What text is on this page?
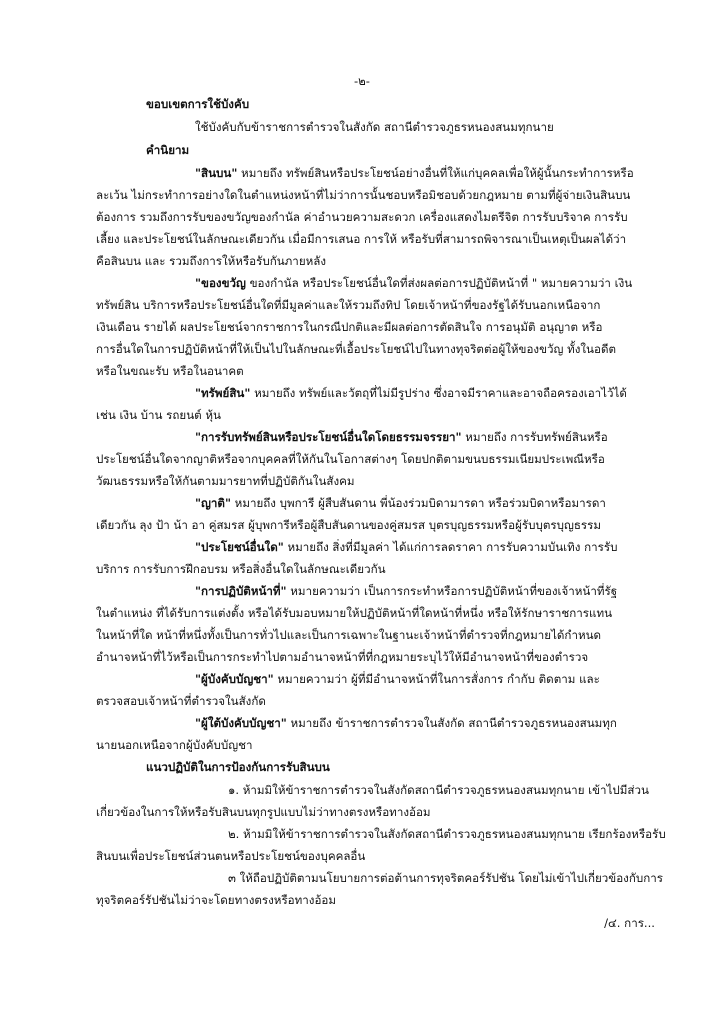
-๒-
ขอบเขตการใช้บังคับ
ใช้บังคับกับข้าราชการตำรวจในสังกัด สถานีตำรวจภูธรหนองสนมทุกนาย
คำนิยาม
"สินบน" หมายถึง ทรัพย์สินหรือประโยชน์อย่างอื่นที่ให้แก่บุคคลเพื่อให้ผู้นั้นกระทำการหรือ
ละเว้น ไม่กระทำการอย่างใดในตำแหน่งหน้าที่ไม่ว่าการนั้นชอบหรือมิชอบด้วยกฎหมาย ตามที่ผู้จ่ายเงินสินบน
ต้องการ รวมถึงการรับของขวัญของกำนัล ค่าอำนวยความสะดวก เครื่องแสดงไมตรีจิต การรับบริจาค การรับ
เลี้ยง และประโยชน์ในลักษณะเดียวกัน เมื่อมีการเสนอ การให้ หรือรับที่สามารถพิจารณาเป็นเหตุเป็นผลได้ว่า
คือสินบน และ รวมถึงการให้หรือรับกันภายหลัง
"ของขวัญ ของกำนัล หรือประโยชน์อื่นใดที่ส่งผลต่อการปฏิบัติหน้าที่ " หมายความว่า เงิน
ทรัพย์สิน บริการหรือประโยชน์อื่นใดที่มีมูลค่าและให้รวมถึงทิป โดยเจ้าหน้าที่ของรัฐได้รับนอกเหนือจาก
เงินเดือน รายได้ ผลประโยชน์จากราชการในกรณีปกติและมีผลต่อการตัดสินใจ การอนุมัติ อนุญาต หรือ
การอื่นใดในการปฏิบัติหน้าที่ให้เป็นไปในลักษณะที่เอื้อประโยชน์ไปในทางทุจริตต่อผู้ให้ของขวัญ ทั้งในอดีต
หรือในขณะรับ หรือในอนาคต
"ทรัพย์สิน" หมายถึง ทรัพย์และวัตถุที่ไม่มีรูปร่าง ซึ่งอาจมีราคาและอาจถือครองเอาไว้ได้
เช่น เงิน บ้าน รถยนต์ หุ้น
"การรับทรัพย์สินหรือประโยชน์อื่นใดโดยธรรมจรรยา" หมายถึง การรับทรัพย์สินหรือ
ประโยชน์อื่นใดจากญาติหรือจากบุคคลที่ให้กันในโอกาสต่างๆ โดยปกติตามขนบธรรมเนียมประเพณีหรือ
วัฒนธรรมหรือให้กันตามมารยาทที่ปฏิบัติกันในสังคม
"ญาติ" หมายถึง บุพการี ผู้สืบสันดาน พี่น้องร่วมบิดามารดา หรือร่วมบิดาหรือมารดา
เดียวกัน ลุง ป้า น้า อา คู่สมรส ผู้บุพการีหรือผู้สืบสันดานของคู่สมรส บุตรบุญธรรมหรือผู้รับบุตรบุญธรรม
"ประโยชน์อื่นใด" หมายถึง สิ่งที่มีมูลค่า ได้แก่การลดราคา การรับความบันเทิง การรับ
บริการ การรับการฝึกอบรม หรือสิ่งอื่นใดในลักษณะเดียวกัน
"การปฏิบัติหน้าที่" หมายความว่า เป็นการกระทำหรือการปฏิบัติหน้าที่ของเจ้าหน้าที่รัฐ
ในตำแหน่ง ที่ได้รับการแต่งตั้ง หรือได้รับมอบหมายให้ปฏิบัติหน้าที่ใดหน้าที่หนึ่ง หรือให้รักษาราชการแทน
ในหน้าที่ใด หน้าที่หนึ่งทั้งเป็นการทั่วไปและเป็นการเฉพาะในฐานะเจ้าหน้าที่ตำรวจที่กฎหมายได้กำหนด
อำนาจหน้าที่ไว้หรือเป็นการกระทำไปตามอำนาจหน้าที่ที่กฎหมายระบุไว้ให้มีอำนาจหน้าที่ของตำรวจ
"ผู้บังคับบัญชา" หมายความว่า ผู้ที่มีอำนาจหน้าที่ในการสั่งการ กำกับ ติดตาม และ
ตรวจสอบเจ้าหน้าที่ตำรวจในสังกัด
"ผู้ใต้บังคับบัญชา" หมายถึง ข้าราชการตำรวจในสังกัด สถานีตำรวจภูธรหนองสนมทุก
นายนอกเหนือจากผู้บังคับบัญชา
แนวปฏิบัติในการป้องกันการรับสินบน
๑. ห้ามมิให้ข้าราชการตำรวจในสังกัดสถานีตำรวจภูธรหนองสนมทุกนาย เข้าไปมีส่วน
เกี่ยวข้องในการให้หรือรับสินบนทุกรูปแบบไม่ว่าทางตรงหรือทางอ้อม
๒. ห้ามมิให้ข้าราชการตำรวจในสังกัดสถานีตำรวจภูธรหนองสนมทุกนาย เรียกร้องหรือรับ
สินบนเพื่อประโยชน์ส่วนตนหรือประโยชน์ของบุคคลอื่น
๓ ให้ถือปฏิบัติตามนโยบายการต่อต้านการทุจริตคอร์รัปชัน โดยไม่เข้าไปเกี่ยวข้องกับการ
ทุจริตคอร์รัปชันไม่ว่าจะโดยทางตรงหรือทางอ้อม
/๔. การ...
